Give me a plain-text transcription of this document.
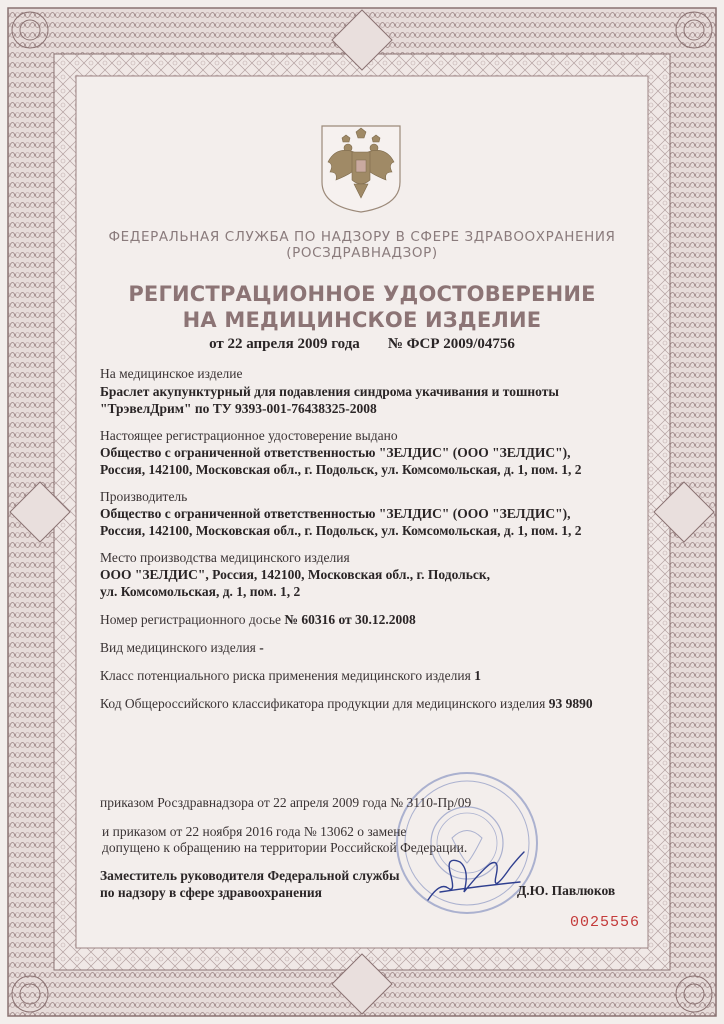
ФЕДЕРАЛЬНАЯ СЛУЖБА ПО НАДЗОРУ В СФЕРЕ ЗДРАВООХРАНЕНИЯ
(РОСЗДРАВНАДЗОР)
РЕГИСТРАЦИОННОЕ УДОСТОВЕРЕНИЕ
НА МЕДИЦИНСКОЕ ИЗДЕЛИЕ
от 22 апреля 2009 года № ФСР 2009/04756
На медицинское изделие
Браслет акупунктурный для подавления синдрома укачивания и тошноты
"ТрэвелДрим" по ТУ 9393-001-76438325-2008
Настоящее регистрационное удостоверение выдано
Общество с ограниченной ответственностью "ЗЕЛДИС" (ООО "ЗЕЛДИС"),
Россия, 142100, Московская обл., г. Подольск, ул. Комсомольская, д. 1, пом. 1, 2
Производитель
Общество с ограниченной ответственностью "ЗЕЛДИС" (ООО "ЗЕЛДИС"),
Россия, 142100, Московская обл., г. Подольск, ул. Комсомольская, д. 1, пом. 1, 2
Место производства медицинского изделия
ООО "ЗЕЛДИС", Россия, 142100, Московская обл., г. Подольск,
ул. Комсомольская, д. 1, пом. 1, 2
Номер регистрационного досье № 60316 от 30.12.2008
Вид медицинского изделия -
Класс потенциального риска применения медицинского изделия 1
Код Общероссийского классификатора продукции для медицинского изделия 93 9890
приказом Росздравнадзора от 22 апреля 2009 года № 3110-Пр/09
и приказом от 22 ноября 2016 года № 13062 о замене
допущено к обращению на территории Российской Федерации.
Заместитель руководителя Федеральной службы
по надзору в сфере здравоохранения	Д.Ю. Павлюков
0025556
